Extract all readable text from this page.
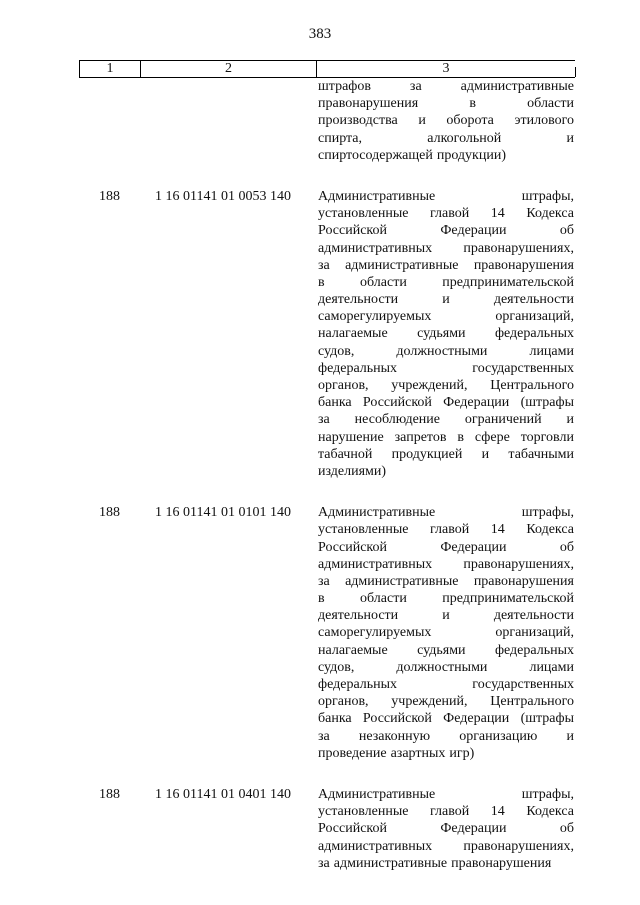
383
1	2	3
штрафов	за	административные
правонарушения	в	области
производства и оборота этилового
спирта,	алкогольной	и
спиртосодержащей продукции)
188	1 16 01141 01 0053 140	Административные	штрафы,
установленные главой 14 Кодекса
Российской	Федерации	об
административных правонарушениях,
за административные правонарушения
в	области	предпринимательской
деятельности	и	деятельности
саморегулируемых	организаций,
налагаемые судьями федеральных
судов,	должностными	лицами
федеральных	государственных
органов, учреждений, Центрального
банка Российской Федерации (штрафы
за несоблюдение ограничений и
нарушение запретов в сфере торговли
табачной продукцией и табачными
изделиями)
188	1 16 01141 01 0101 140	Административные	штрафы,
установленные главой 14 Кодекса
Российской	Федерации	об
административных правонарушениях,
за административные правонарушения
в	области	предпринимательской
деятельности	и	деятельности
саморегулируемых	организаций,
налагаемые судьями федеральных
судов,	должностными	лицами
федеральных	государственных
органов, учреждений, Центрального
банка Российской Федерации (штрафы
за незаконную организацию и
проведение азартных игр)
188	1 16 01141 01 0401 140	Административные	штрафы,
установленные главой 14 Кодекса
Российской	Федерации	об
административных правонарушениях,
за административные правонарушения
